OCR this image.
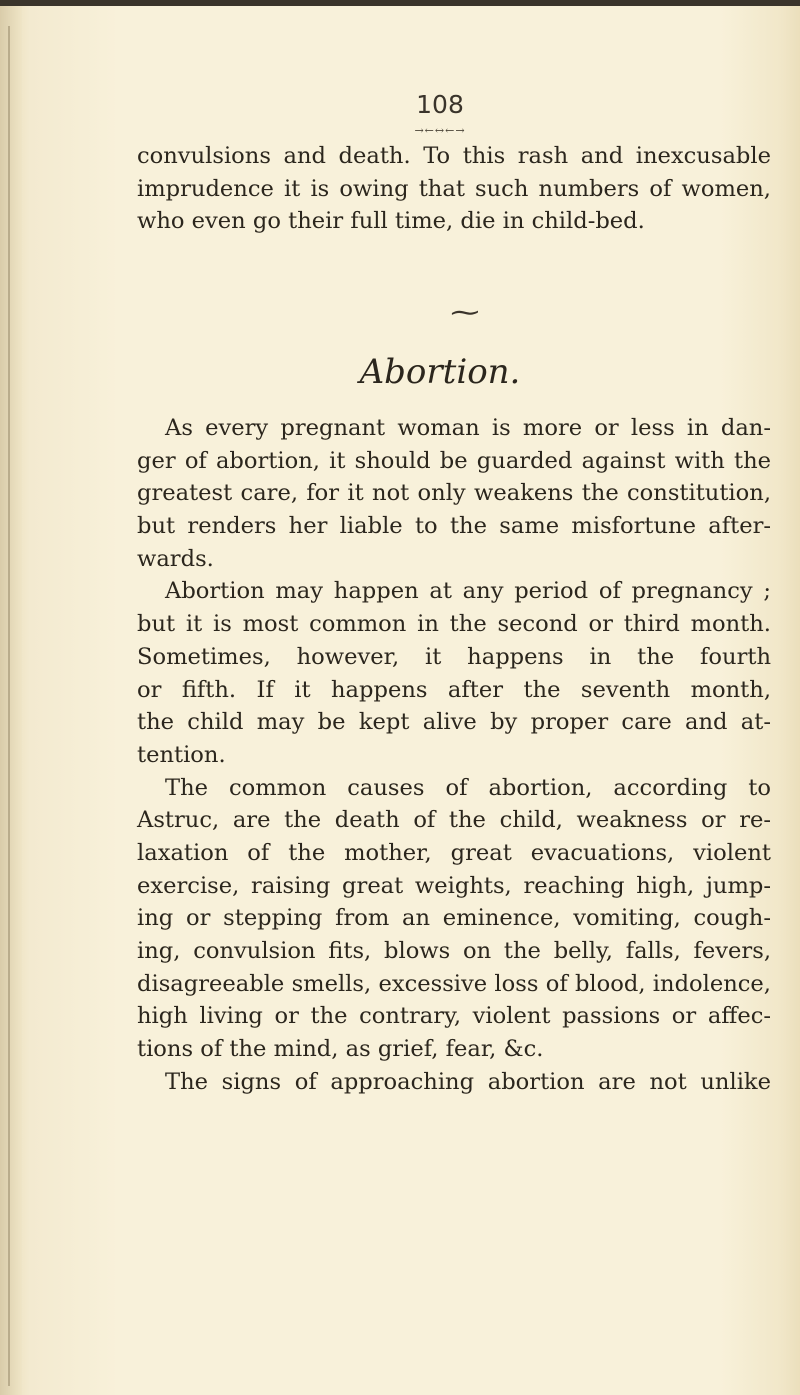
108
→←↔←→
convulsions and death. To this rash and inexcusable
imprudence it is owing that such numbers of women,
who even go their full time, die in child-bed.
∼
Abortion.
As every pregnant woman is more or less in dan-
ger of abortion, it should be guarded against with the
greatest care, for it not only weakens the constitution,
but renders her liable to the same misfortune after-
wards.
Abortion may happen at any period of pregnancy ;
but it is most common in the second or third month.
Sometimes, however, it happens in the fourth
or fifth. If it happens after the seventh month,
the child may be kept alive by proper care and at-
tention.
The common causes of abortion, according to
Astruc, are the death of the child, weakness or re-
laxation of the mother, great evacuations, violent
exercise, raising great weights, reaching high, jump-
ing or stepping from an eminence, vomiting, cough-
ing, convulsion fits, blows on the belly, falls, fevers,
disagreeable smells, excessive loss of blood, indolence,
high living or the contrary, violent passions or affec-
tions of the mind, as grief, fear, &c.
The signs of approaching abortion are not unlike
